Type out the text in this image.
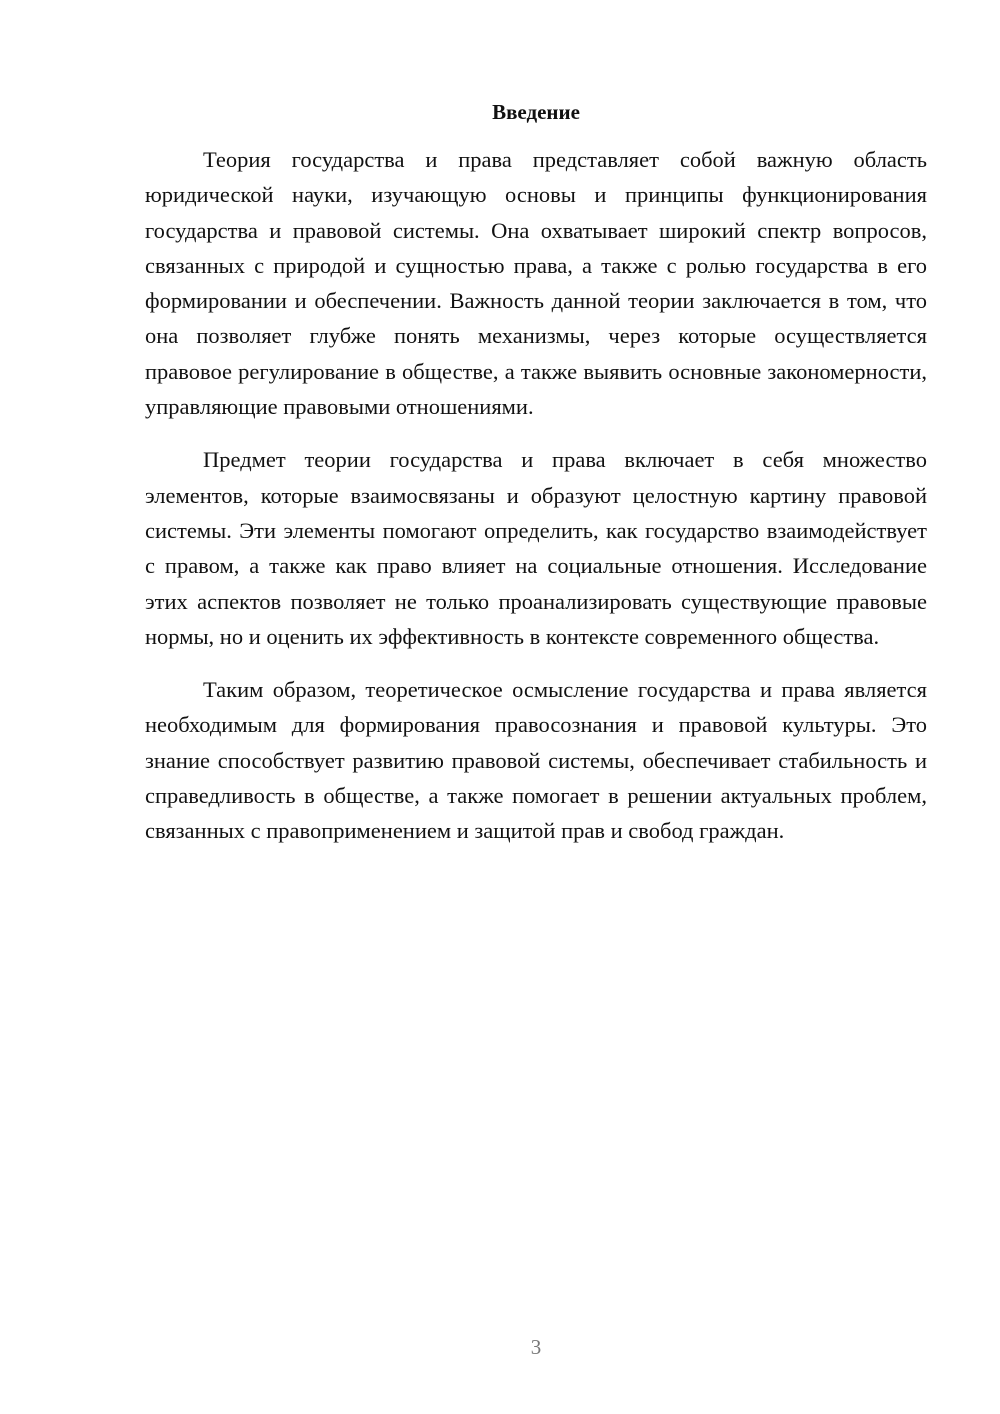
Введение

Теория государства и права представляет собой важную область юридической науки, изучающую основы и принципы функционирования государства и правовой системы. Она охватывает широкий спектр вопросов, связанных с природой и сущностью права, а также с ролью государства в его формировании и обеспечении. Важность данной теории заключается в том, что она позволяет глубже понять механизмы, через которые осуществляется правовое регулирование в обществе, а также выявить основные закономерности, управляющие правовыми отношениями.

Предмет теории государства и права включает в себя множество элементов, которые взаимосвязаны и образуют целостную картину правовой системы. Эти элементы помогают определить, как государство взаимодействует с правом, а также как право влияет на социальные отношения. Исследование этих аспектов позволяет не только проанализировать существующие правовые нормы, но и оценить их эффективность в контексте современного общества.

Таким образом, теоретическое осмысление государства и права является необходимым для формирования правосознания и правовой культуры. Это знание способствует развитию правовой системы, обеспечивает стабильность и справедливость в обществе, а также помогает в решении актуальных проблем, связанных с правоприменением и защитой прав и свобод граждан.

3
